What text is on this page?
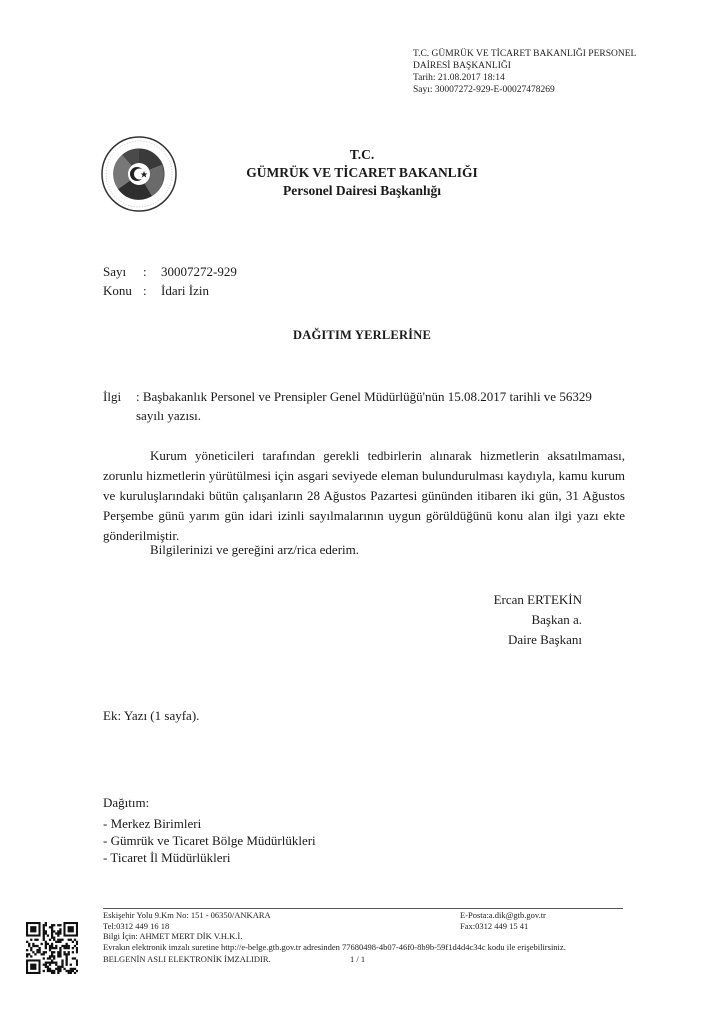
T.C. GÜMRÜK VE TİCARET BAKANLIĞI PERSONEL
DAİRESİ BAŞKANLIĞI
Tarih: 21.08.2017 18:14
Sayı: 30007272-929-E-00027478269
T.C.
GÜMRÜK VE TİCARET BAKANLIĞI
Personel Dairesi Başkanlığı
Sayı : 30007272-929
Konu : İdari İzin
DAĞITIM YERLERİNE
İlgi : Başbakanlık Personel ve Prensipler Genel Müdürlüğü'nün 15.08.2017 tarihli ve 56329 sayılı yazısı.
Kurum yöneticileri tarafından gerekli tedbirlerin alınarak hizmetlerin aksatılmaması, zorunlu hizmetlerin yürütülmesi için asgari seviyede eleman bulundurulması kaydıyla, kamu kurum ve kuruluşlarındaki bütün çalışanların 28 Ağustos Pazartesi gününden itibaren iki gün, 31 Ağustos Perşembe günü yarım gün idari izinli sayılmalarının uygun görüldüğünü konu alan ilgi yazı ekte gönderilmiştir.
Bilgilerinizi ve gereğini arz/rica ederim.
Ercan ERTEKİN
Başkan a.
Daire Başkanı
Ek: Yazı (1 sayfa).
Dağıtım:
- Merkez Birimleri
- Gümrük ve Ticaret Bölge Müdürlükleri
- Ticaret İl Müdürlükleri
Eskişehir Yolu 9.Km No: 151 - 06350/ANKARA	E-Posta:a.dik@gtb.gov.tr
Tel:0312 449 16 18	Fax:0312 449 15 41
Bilgi İçin: AHMET MERT DİK V.H.K.İ.
Evrakın elektronik imzalı suretine http://e-belge.gtb.gov.tr adresinden 77680498-4b07-46f0-8b9b-59f1d4d4c34c kodu ile erişebilirsiniz.
BELGENİN ASLI ELEKTRONİK İMZALIDIR.	1 / 1
